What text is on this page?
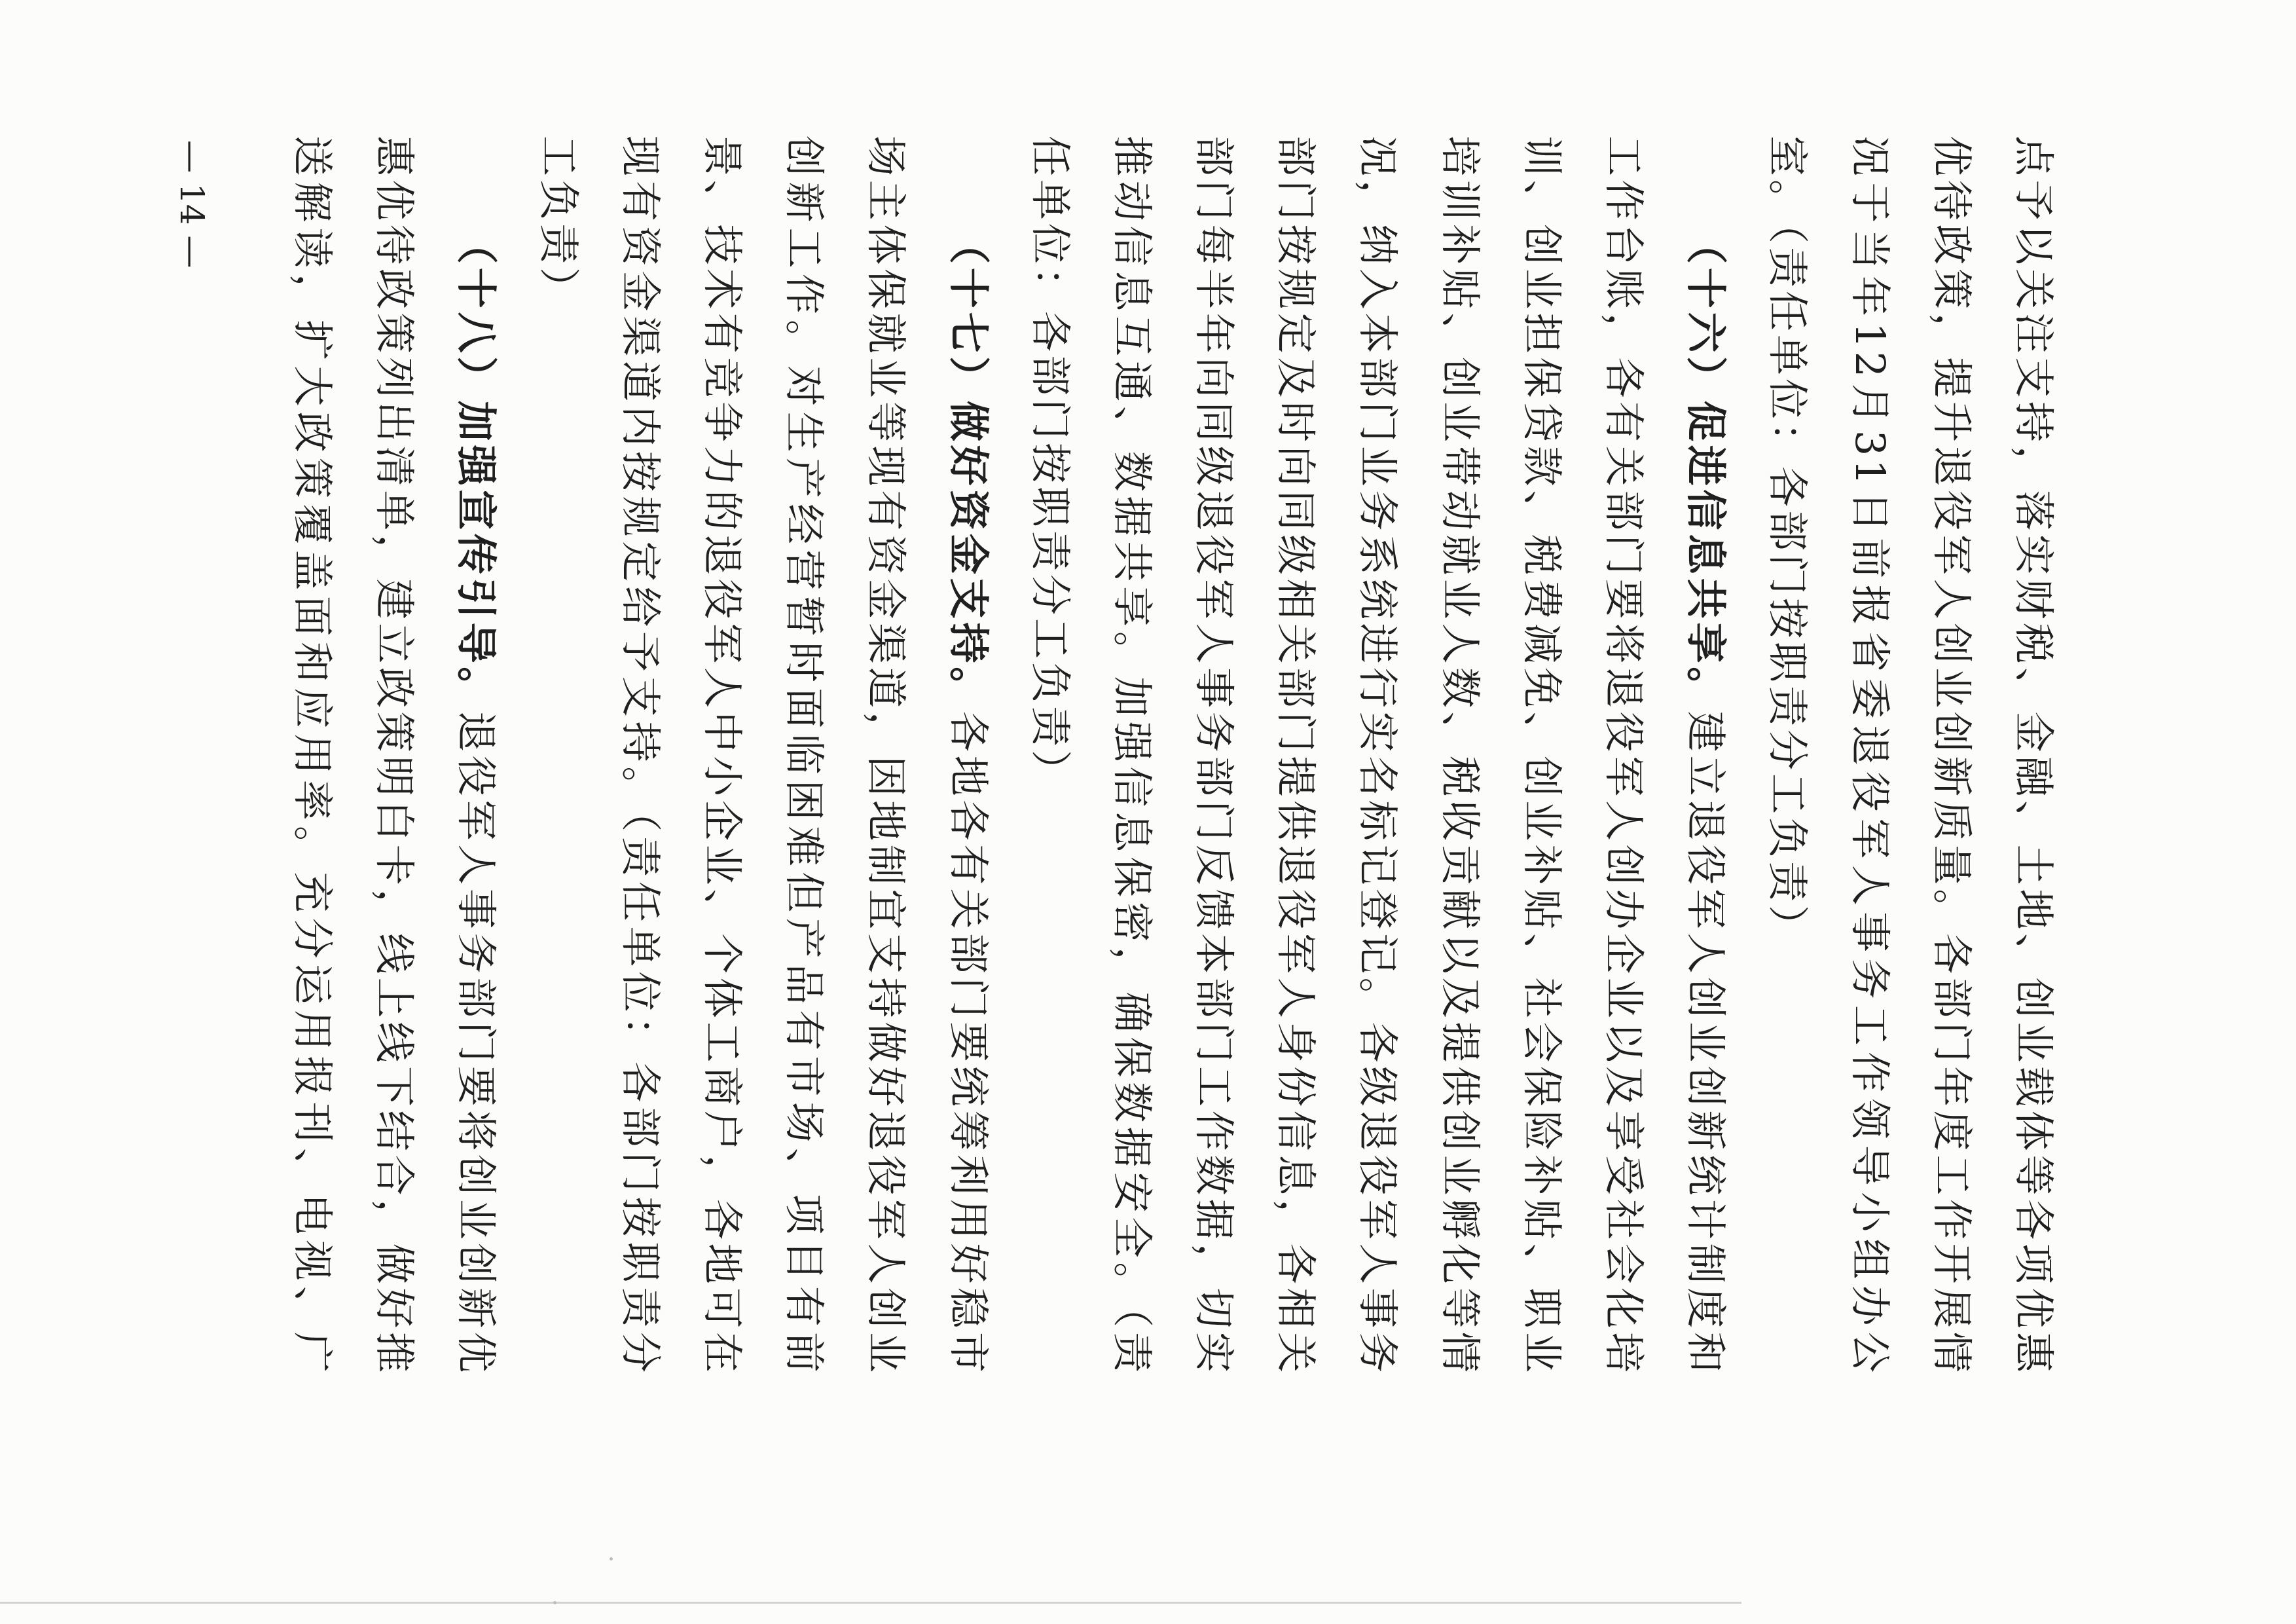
点予以关注支持，落实财税、金融、土地、创业载体等各项优惠
优待政策，提升退役军人创业创新质量。各部门年度工作开展情
况于当年12月31日前报省委退役军人事务工作领导小组办公
室。（责任单位：各部门按职责分工负责）
（十六）促进信息共享。建立退役军人创业创新统计制度和
工作台账，各有关部门要将退役军人创办企业以及享受社会化培
训、创业担保贷款、税费减免、创业补贴、社会保险补贴、职业
培训补贴、创业带动就业人数、税收贡献以及提供创业孵化等情
况，纳入本部门业务系统进行实名标记登记。各级退役军人事务
部门按规定及时向同级相关部门提供退役军人身份信息，各相关
部门每半年向同级退役军人事务部门反馈本部门工作数据，切实
推动信息互通、数据共享。加强信息保密，确保数据安全。（责
任单位：各部门按职责分工负责）
（十七）做好资金支持。各地各有关部门要统筹利用好稳市
场主体保就业等现有资金渠道，因地制宜支持做好退役军人创业
创新工作。对生产经营暂时面临困难但产品有市场、项目有前
景、技术有竞争力的退役军人中小企业、个体工商户，各地可在
现有资金渠道内按规定给予支持。（责任单位：各部门按职责分
工负责）
（十八）加强宣传引导。退役军人事务部门要将创业创新优
惠优待政策列出清单，建立政策明白卡，线上线下结合，做好推
送解读，扩大政策覆盖面和应用率。充分运用报刊、电视、广
— 14 —
